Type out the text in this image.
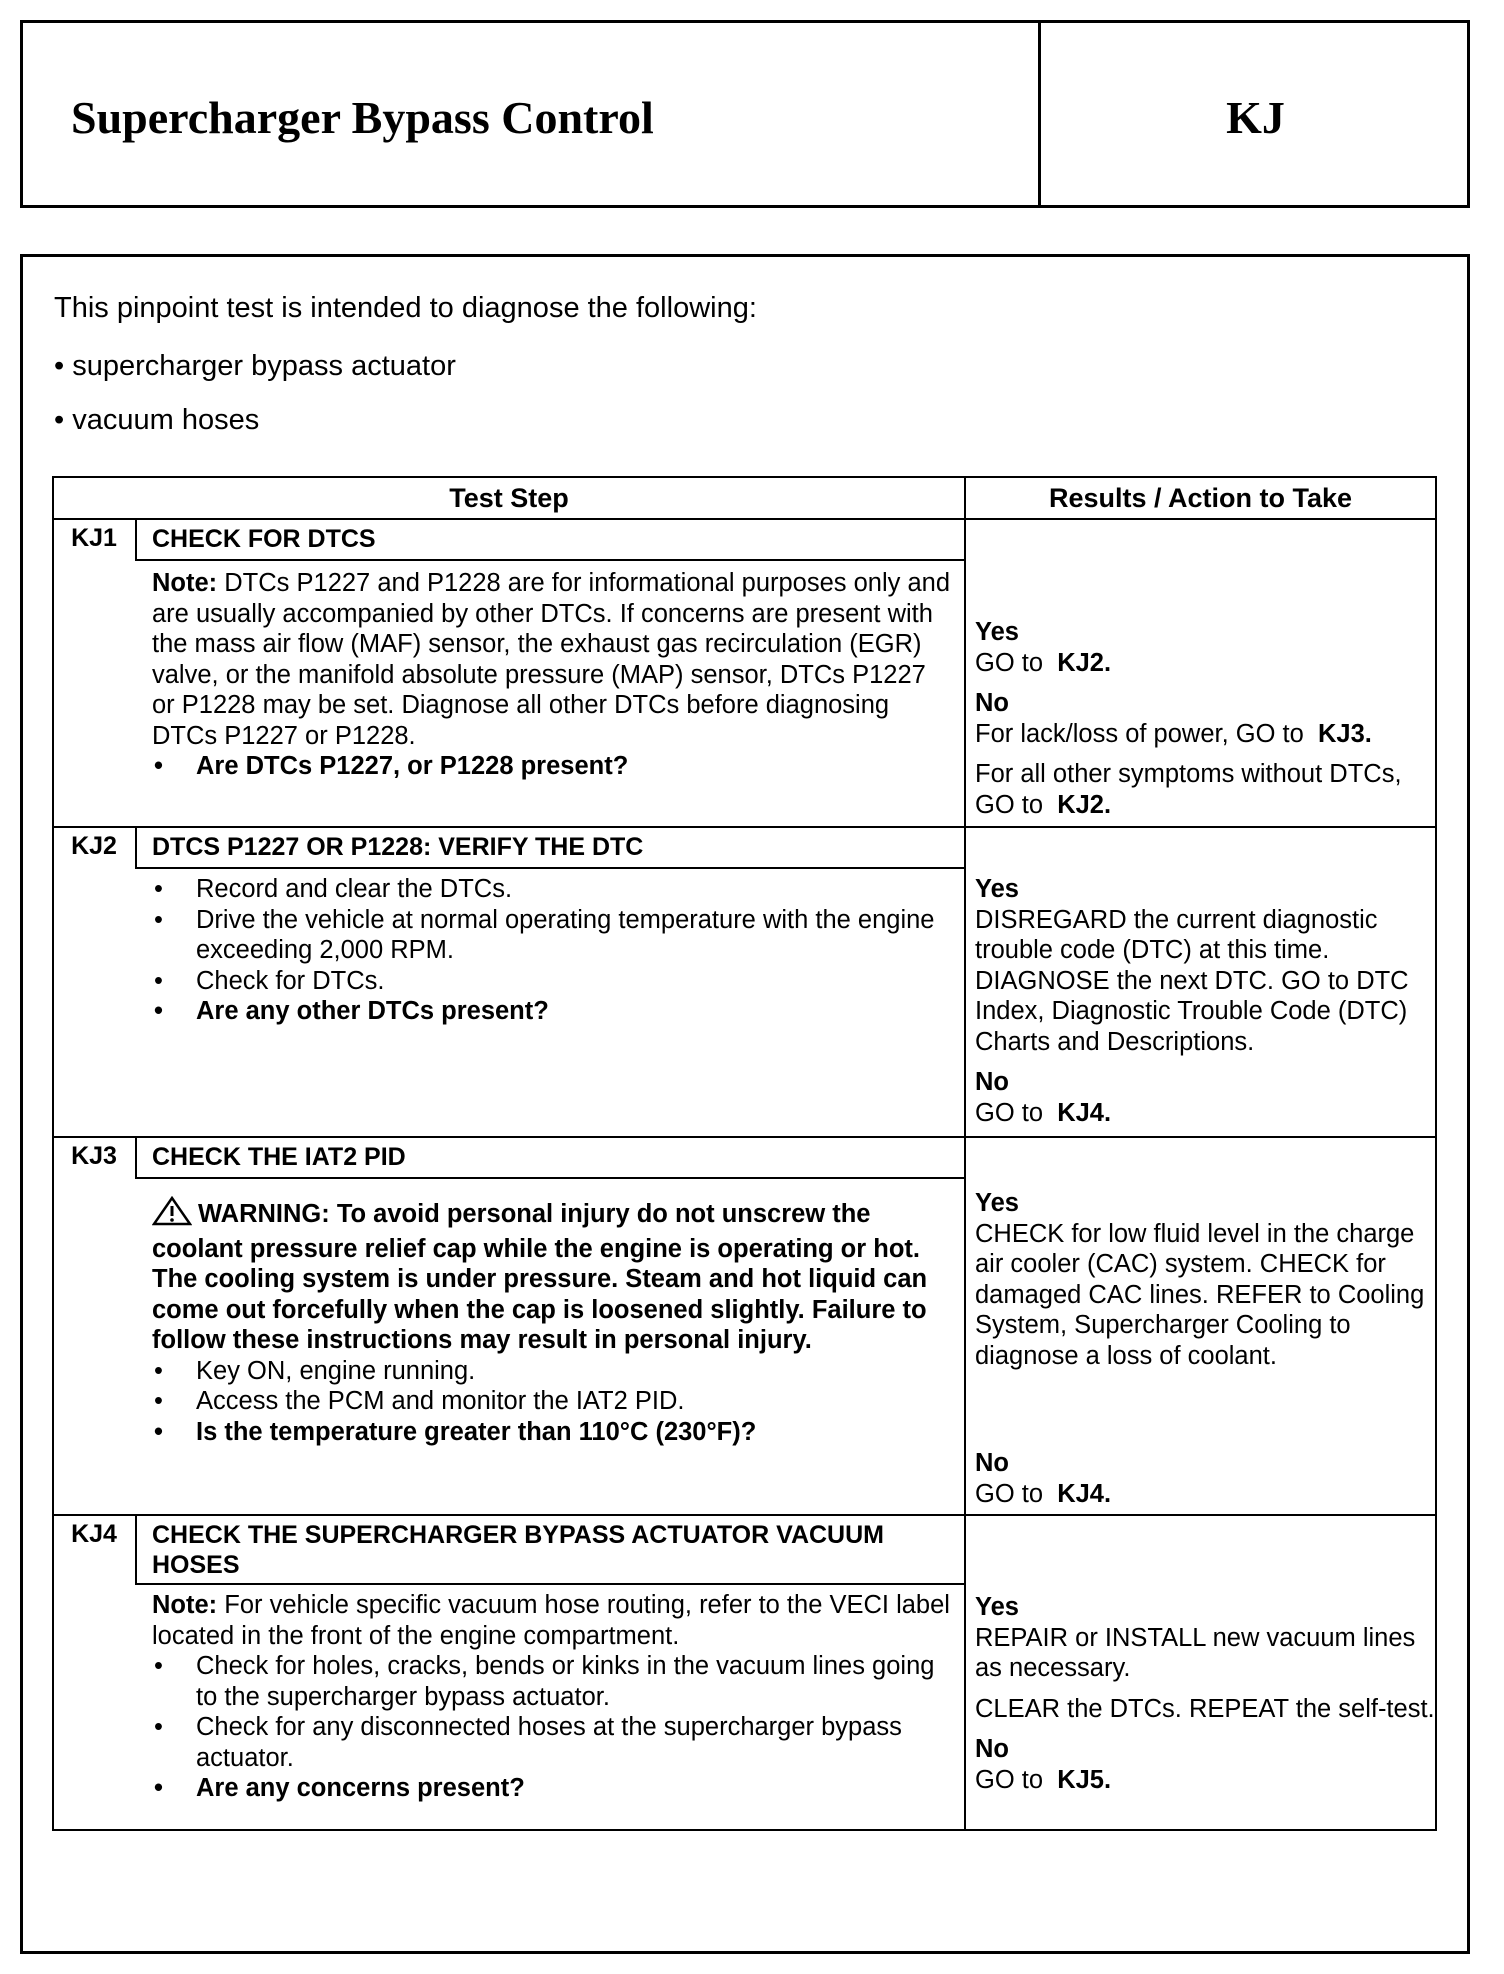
Supercharger Bypass Control	KJ
This pinpoint test is intended to diagnose the following:
• supercharger bypass actuator
• vacuum hoses
Test Step	Results / Action to Take
KJ1	CHECK FOR DTCS

Note: DTCs P1227 and P1228 are for informational purposes only and are usually accompanied by other DTCs. If concerns are present with the mass air flow (MAF) sensor, the exhaust gas recirculation (EGR) valve, or the manifold absolute pressure (MAP) sensor, DTCs P1227 or P1228 may be set. Diagnose all other DTCs before diagnosing DTCs P1227 or P1228.

• Are DTCs P1227, or P1228 present?

Yes

GO to KJ2.

No

For lack/loss of power, GO to KJ3.

For all other symptoms without DTCs, GO to KJ2.

KJ2	DTCS P1227 OR P1228: VERIFY THE DTC

• Record and clear the DTCs.

• Drive the vehicle at normal operating temperature with the engine exceeding 2,000 RPM.

• Check for DTCs.

• Are any other DTCs present?

Yes

DISREGARD the current diagnostic trouble code (DTC) at this time. DIAGNOSE the next DTC. GO to DTC Index, Diagnostic Trouble Code (DTC) Charts and Descriptions.

No

GO to KJ4.

KJ3	CHECK THE IAT2 PID

WARNING: To avoid personal injury do not unscrew the coolant pressure relief cap while the engine is operating or hot. The cooling system is under pressure. Steam and hot liquid can come out forcefully when the cap is loosened slightly. Failure to follow these instructions may result in personal injury.

• Key ON, engine running.

• Access the PCM and monitor the IAT2 PID.

• Is the temperature greater than 110°C (230°F)?

Yes

CHECK for low fluid level in the charge air cooler (CAC) system. CHECK for damaged CAC lines. REFER to Cooling System, Supercharger Cooling to diagnose a loss of coolant.

No

GO to KJ4.

KJ4	CHECK THE SUPERCHARGER BYPASS ACTUATOR VACUUM HOSES

Note: For vehicle specific vacuum hose routing, refer to the VECI label located in the front of the engine compartment.

• Check for holes, cracks, bends or kinks in the vacuum lines going to the supercharger bypass actuator.

• Check for any disconnected hoses at the supercharger bypass actuator.

• Are any concerns present?

Yes

REPAIR or INSTALL new vacuum lines as necessary.

CLEAR the DTCs. REPEAT the self-test.

No

GO to KJ5.
